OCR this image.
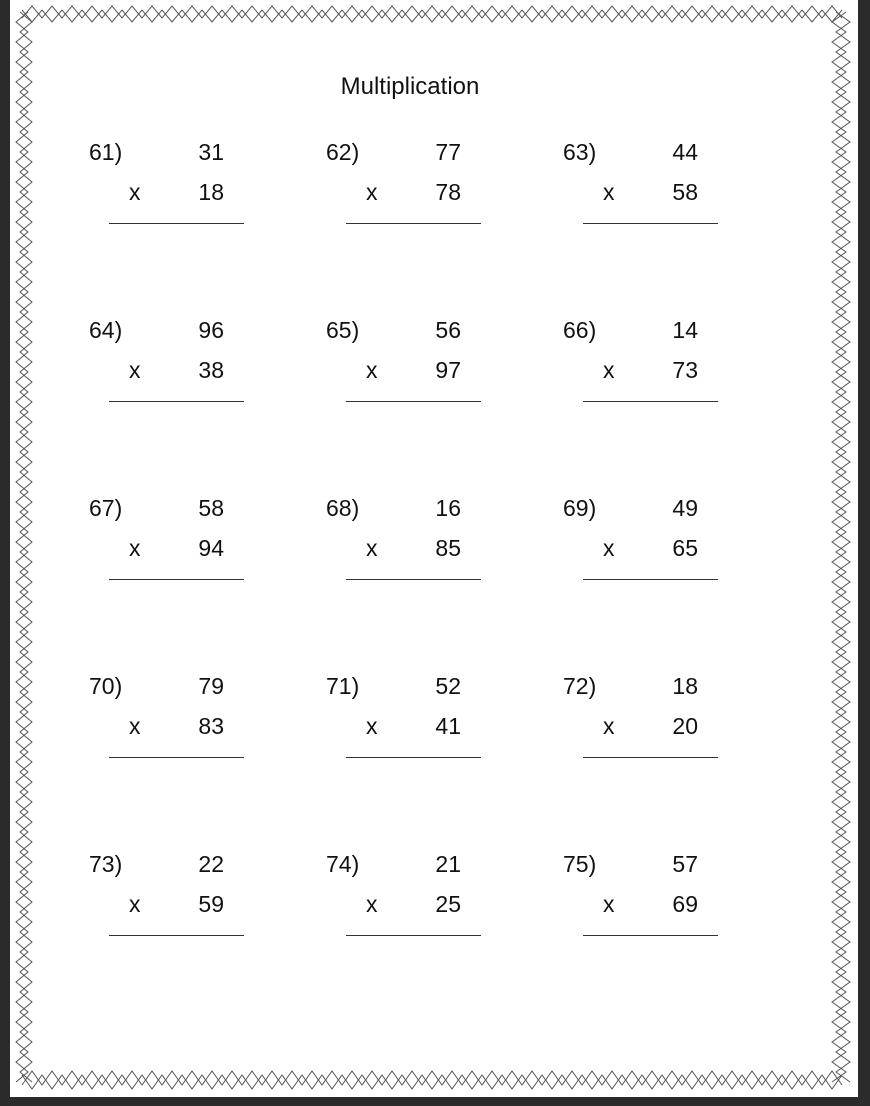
Multiplication
61)	31
x	18
62)	77
x	78
63)	44
x	58
64)	96
x	38
65)	56
x	97
66)	14
x	73
67)	58
x	94
68)	16
x	85
69)	49
x	65
70)	79
x	83
71)	52
x	41
72)	18
x	20
73)	22
x	59
74)	21
x	25
75)	57
x	69
